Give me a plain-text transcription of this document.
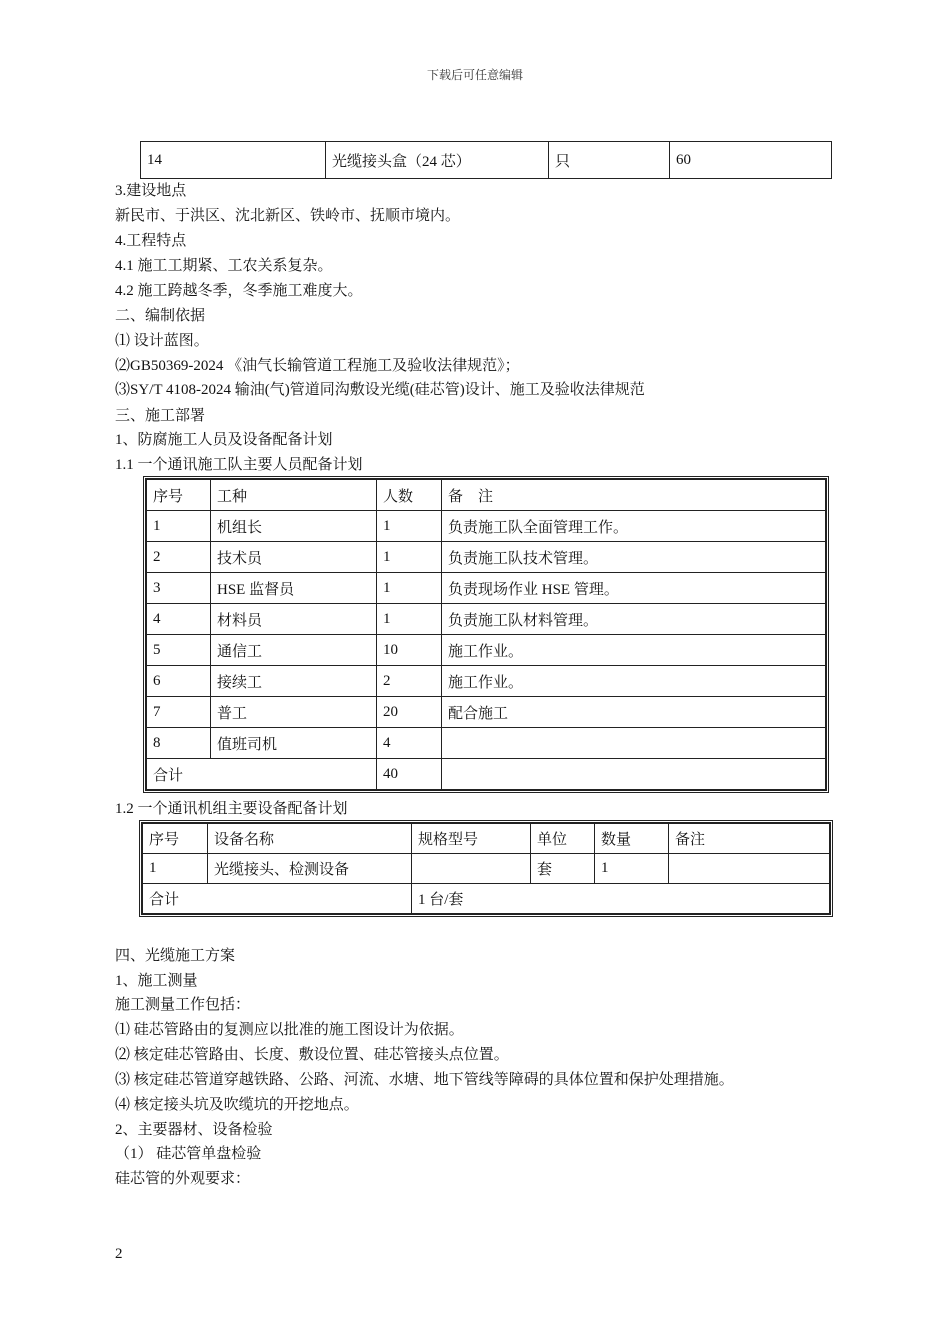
下载后可任意编辑
14	光缆接头盒（24 芯）	只	60
3.建设地点
新民市、于洪区、沈北新区、铁岭市、抚顺市境内。
4.工程特点
4.1 施工工期紧、工农关系复杂。
4.2 施工跨越冬季，冬季施工难度大。
二、编制依据
⑴ 设计蓝图。
⑵GB50369-2024 《油气长输管道工程施工及验收法律规范》；
⑶SY/T 4108-2024 输油(气)管道同沟敷设光缆(硅芯管)设计、施工及验收法律规范
三、施工部署
1、防腐施工人员及设备配备计划
1.1 一个通讯施工队主要人员配备计划
序号	工种	人数	备　注
1	机组长	1	负责施工队全面管理工作。
2	技术员	1	负责施工队技术管理。
3	HSE 监督员	1	负责现场作业 HSE 管理。
4	材料员	1	负责施工队材料管理。
5	通信工	10	施工作业。
6	接续工	2	施工作业。
7	普工	20	配合施工
8	值班司机	4	
合计		40	
1.2 一个通讯机组主要设备配备计划
序号	设备名称	规格型号	单位	数量	备注
1	光缆接头、检测设备		套	1	
合计		1 台/套			
四、光缆施工方案
1、施工测量
施工测量工作包括：
⑴ 硅芯管路由的复测应以批准的施工图设计为依据。
⑵ 核定硅芯管路由、长度、敷设位置、硅芯管接头点位置。
⑶ 核定硅芯管道穿越铁路、公路、河流、水塘、地下管线等障碍的具体位置和保护处理措施。
⑷ 核定接头坑及吹缆坑的开挖地点。
2、主要器材、设备检验
（1） 硅芯管单盘检验
硅芯管的外观要求：
2
